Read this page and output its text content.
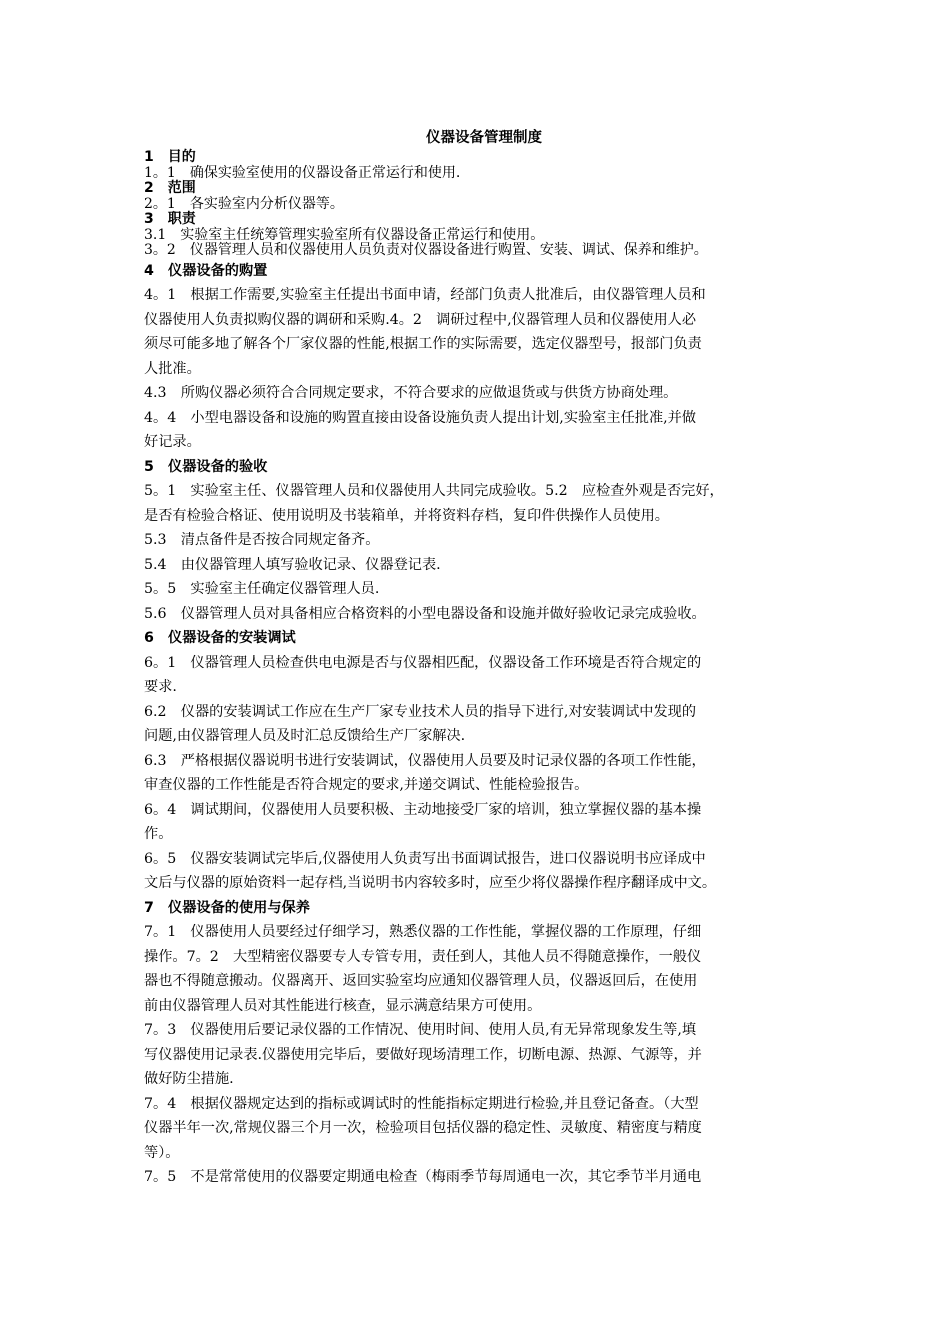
仪器设备管理制度
1　目的
1。1　确保实验室使用的仪器设备正常运行和使用.
2　范围
2。1　各实验室内分析仪器等。
3　职责
3.1　实验室主任统筹管理实验室所有仪器设备正常运行和使用。
3。2　仪器管理人员和仪器使用人员负责对仪器设备进行购置、安装、调试、保养和维护。
4　仪器设备的购置
4。1　根据工作需要,实验室主任提出书面申请，经部门负责人批准后，由仪器管理人员和
仪器使用人负责拟购仪器的调研和采购.4。2　调研过程中,仪器管理人员和仪器使用人必
须尽可能多地了解各个厂家仪器的性能,根据工作的实际需要，选定仪器型号，报部门负责
人批准。
4.3　所购仪器必须符合合同规定要求，不符合要求的应做退货或与供货方协商处理。
4。4　小型电器设备和设施的购置直接由设备设施负责人提出计划,实验室主任批准,并做
好记录。
5　仪器设备的验收
5。1　实验室主任、仪器管理人员和仪器使用人共同完成验收。5.2　应检查外观是否完好，
是否有检验合格证、使用说明及书装箱单，并将资料存档，复印件供操作人员使用。
5.3　清点备件是否按合同规定备齐。
5.4　由仪器管理人填写验收记录、仪器登记表.
5。5　实验室主任确定仪器管理人员.
5.6　仪器管理人员对具备相应合格资料的小型电器设备和设施并做好验收记录完成验收。
6　仪器设备的安装调试
6。1　仪器管理人员检查供电电源是否与仪器相匹配，仪器设备工作环境是否符合规定的
要求.
6.2　仪器的安装调试工作应在生产厂家专业技术人员的指导下进行,对安装调试中发现的
问题,由仪器管理人员及时汇总反馈给生产厂家解决.
6.3　严格根据仪器说明书进行安装调试，仪器使用人员要及时记录仪器的各项工作性能，
审查仪器的工作性能是否符合规定的要求,并递交调试、性能检验报告。
6。4　调试期间，仪器使用人员要积极、主动地接受厂家的培训，独立掌握仪器的基本操
作。
6。5　仪器安装调试完毕后,仪器使用人负责写出书面调试报告，进口仪器说明书应译成中
文后与仪器的原始资料一起存档,当说明书内容较多时，应至少将仪器操作程序翻译成中文。
7　仪器设备的使用与保养
7。1　仪器使用人员要经过仔细学习，熟悉仪器的工作性能，掌握仪器的工作原理，仔细
操作。7。2　大型精密仪器要专人专管专用，责任到人，其他人员不得随意操作，一般仪
器也不得随意搬动。仪器离开、返回实验室均应通知仪器管理人员，仪器返回后，在使用
前由仪器管理人员对其性能进行核查，显示满意结果方可使用。
7。3　仪器使用后要记录仪器的工作情况、使用时间、使用人员,有无异常现象发生等,填
写仪器使用记录表.仪器使用完毕后，要做好现场清理工作，切断电源、热源、气源等，并
做好防尘措施.
7。4　根据仪器规定达到的指标或调试时的性能指标定期进行检验,并且登记备查。（大型
仪器半年一次,常规仪器三个月一次，检验项目包括仪器的稳定性、灵敏度、精密度与精度
等）。
7。5　不是常常使用的仪器要定期通电检查（梅雨季节每周通电一次，其它季节半月通电
